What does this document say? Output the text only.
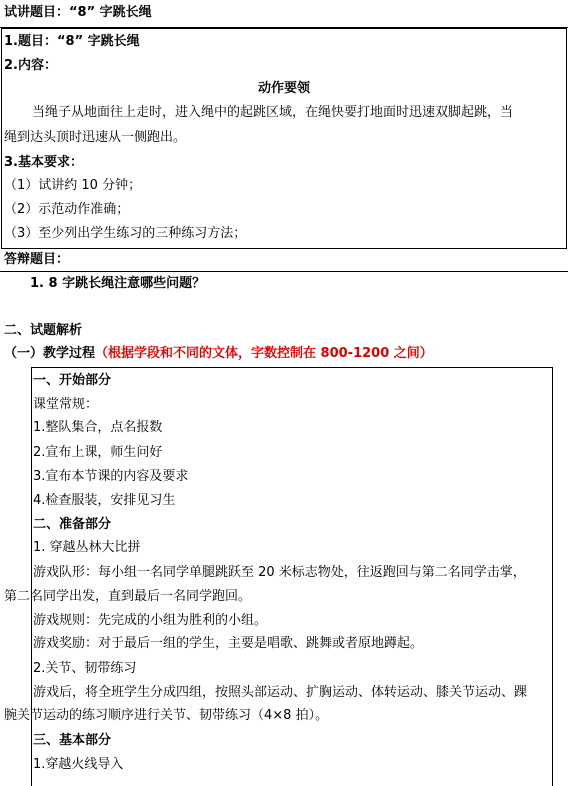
试讲题目：“8” 字跳长绳
1.题目：“8” 字跳长绳
2.内容：
动作要领
当绳子从地面往上走时，进入绳中的起跳区域，在绳快要打地面时迅速双脚起跳，当
绳到达头顶时迅速从一侧跑出。
3.基本要求：
（1）试讲约 10 分钟；
（2）示范动作准确；
（3）至少列出学生练习的三种练习方法；
答辩题目：
1. 8 字跳长绳注意哪些问题？
二、试题解析
（一）教学过程（根据学段和不同的文体，字数控制在 800-1200 之间）
一、开始部分
课堂常规：
1.整队集合，点名报数
2.宣布上课，师生问好
3.宣布本节课的内容及要求
4.检查服装，安排见习生
二、准备部分
1. 穿越丛林大比拼
游戏队形：每小组一名同学单腿跳跃至 20 米标志物处，往返跑回与第二名同学击掌，
第二名同学出发，直到最后一名同学跑回。
游戏规则：先完成的小组为胜利的小组。
游戏奖励：对于最后一组的学生，主要是唱歌、跳舞或者原地蹲起。
2.关节、韧带练习
游戏后，将全班学生分成四组，按照头部运动、扩胸运动、体转运动、膝关节运动、踝
腕关节运动的练习顺序进行关节、韧带练习（4×8 拍）。
三、基本部分
1.穿越火线导入
